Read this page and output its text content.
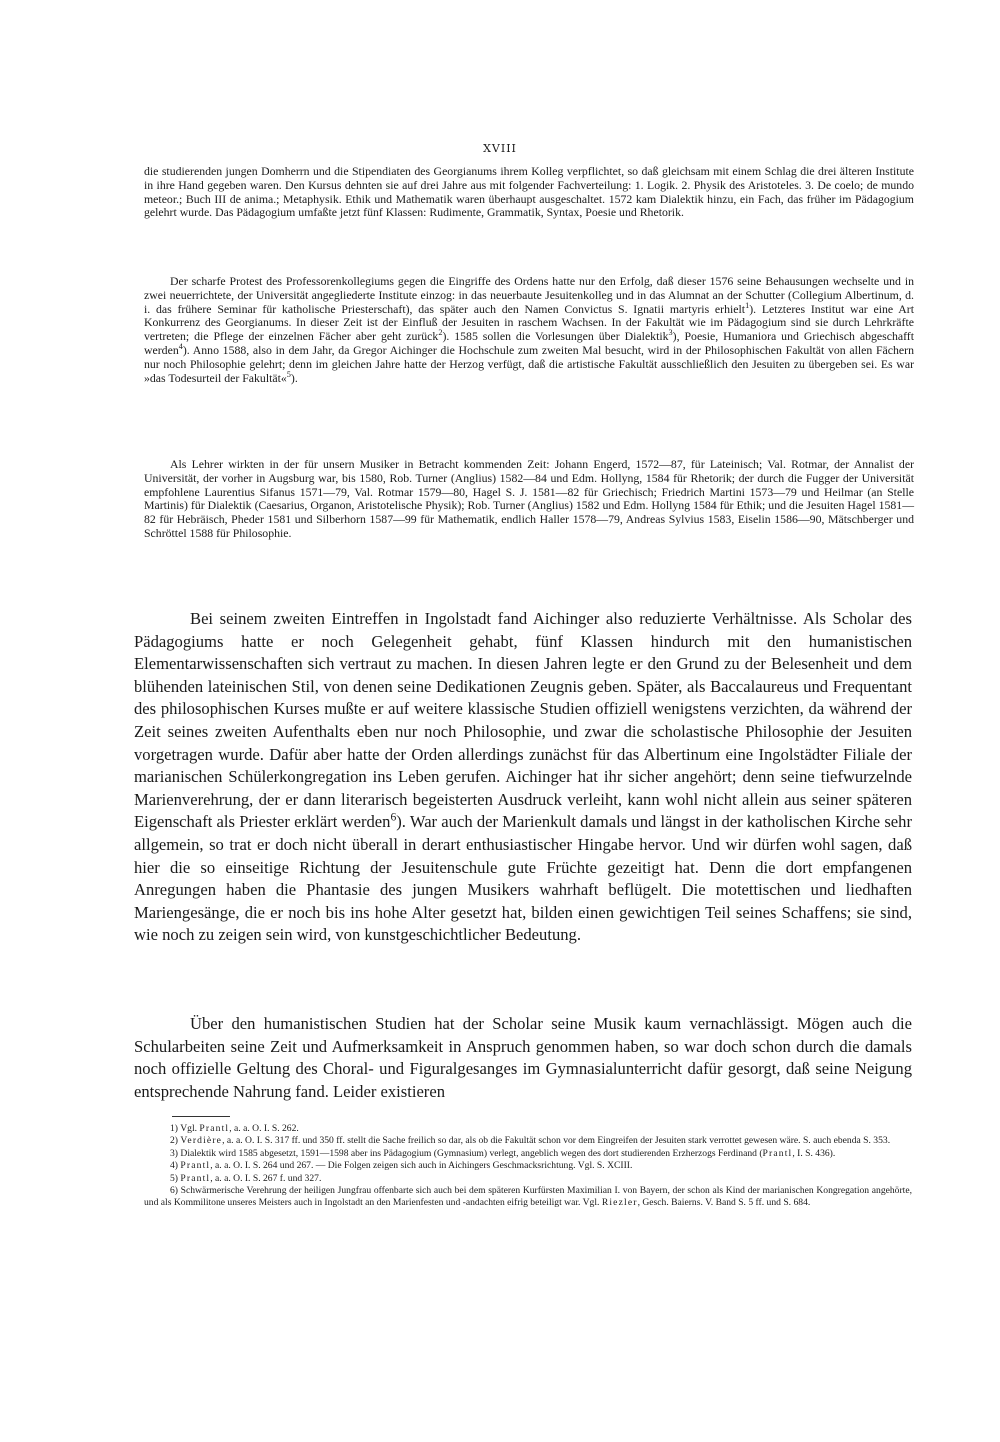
XVIII

die studierenden jungen Domherrn und die Stipendiaten des Georgianums ihrem Kolleg verpflichtet, so daß gleichsam mit einem Schlag die drei älteren Institute in ihre Hand gegeben waren. Den Kursus dehnten sie auf drei Jahre aus mit folgender Fachverteilung: 1. Logik. 2. Physik des Aristoteles. 3. De coelo; de mundo meteor.; Buch III de anima.; Metaphysik. Ethik und Mathematik waren überhaupt ausgeschaltet. 1572 kam Dialektik hinzu, ein Fach, das früher im Pädagogium gelehrt wurde. Das Pädagogium umfaßte jetzt fünf Klassen: Rudimente, Grammatik, Syntax, Poesie und Rhetorik.

Der scharfe Protest des Professorenkollegiums gegen die Eingriffe des Ordens hatte nur den Erfolg, daß dieser 1576 seine Behausungen wechselte und in zwei neuerrichtete, der Universität angegliederte Institute einzog: in das neuerbaute Jesuitenkolleg und in das Alumnat an der Schutter (Collegium Albertinum, d. i. das frühere Seminar für katholische Priesterschaft), das später auch den Namen Convictus S. Ignatii martyris erhielt$^1$). Letzteres Institut war eine Art Konkurrenz des Georgianums. In dieser Zeit ist der Einfluß der Jesuiten in raschem Wachsen. In der Fakultät wie im Pädagogium sind sie durch Lehrkräfte vertreten; die Pflege der einzelnen Fächer aber geht zurück$^2$). 1585 sollen die Vorlesungen über Dialektik$^3$), Poesie, Humaniora und Griechisch abgeschafft werden$^4$). Anno 1588, also in dem Jahr, da Gregor Aichinger die Hochschule zum zweiten Mal besucht, wird in der Philosophischen Fakultät von allen Fächern nur noch Philosophie gelehrt; denn im gleichen Jahre hatte der Herzog verfügt, daß die artistische Fakultät ausschließlich den Jesuiten zu übergeben sei. Es war »das Todesurteil der Fakultät«$^5$).

Als Lehrer wirkten in der für unsern Musiker in Betracht kommenden Zeit: Johann Engerd, 1572—87, für Lateinisch; Val. Rotmar, der Annalist der Universität, der vorher in Augsburg war, bis 1580, Rob. Turner (Anglius) 1582—84 und Edm. Hollyng, 1584 für Rhetorik; der durch die Fugger der Universität empfohlene Laurentius Sifanus 1571—79, Val. Rotmar 1579—80, Hagel S. J. 1581—82 für Griechisch; Friedrich Martini 1573—79 und Heilmar (an Stelle Martinis) für Dialektik (Caesarius, Organon, Aristotelische Physik); Rob. Turner (Anglius) 1582 und Edm. Hollyng 1584 für Ethik; und die Jesuiten Hagel 1581—82 für Hebräisch, Pheder 1581 und Silberhorn 1587—99 für Mathematik, endlich Haller 1578—79, Andreas Sylvius 1583, Eiselin 1586—90, Mätschberger und Schröttel 1588 für Philosophie.

Bei seinem zweiten Eintreffen in Ingolstadt fand Aichinger also reduzierte Verhältnisse. Als Scholar des Pädagogiums hatte er noch Gelegenheit gehabt, fünf Klassen hindurch mit den humanistischen Elementarwissenschaften sich vertraut zu machen. In diesen Jahren legte er den Grund zu der Belesenheit und dem blühenden lateinischen Stil, von denen seine Dedikationen Zeugnis geben. Später, als Baccalaureus und Frequentant des philosophischen Kurses mußte er auf weitere klassische Studien offiziell wenigstens verzichten, da während der Zeit seines zweiten Aufenthalts eben nur noch Philosophie, und zwar die scholastische Philosophie der Jesuiten vorgetragen wurde. Dafür aber hatte der Orden allerdings zunächst für das Albertinum eine Ingolstädter Filiale der marianischen Schülerkongregation ins Leben gerufen. Aichinger hat ihr sicher angehört; denn seine tiefwurzelnde Marienverehrung, der er dann literarisch begeisterten Ausdruck verleiht, kann wohl nicht allein aus seiner späteren Eigenschaft als Priester erklärt werden$^6$). War auch der Marienkult damals und längst in der katholischen Kirche sehr allgemein, so trat er doch nicht überall in derart enthusiastischer Hingabe hervor. Und wir dürfen wohl sagen, daß hier die so einseitige Richtung der Jesuitenschule gute Früchte gezeitigt hat. Denn die dort empfangenen Anregungen haben die Phantasie des jungen Musikers wahrhaft beflügelt. Die motettischen und liedhaften Mariengesänge, die er noch bis ins hohe Alter gesetzt hat, bilden einen gewichtigen Teil seines Schaffens; sie sind, wie noch zu zeigen sein wird, von kunstgeschichtlicher Bedeutung.

Über den humanistischen Studien hat der Scholar seine Musik kaum vernachlässigt. Mögen auch die Schularbeiten seine Zeit und Aufmerksamkeit in Anspruch genommen haben, so war doch schon durch die damals noch offizielle Geltung des Choral- und Figuralgesanges im Gymnasialunterricht dafür gesorgt, daß seine Neigung entsprechende Nahrung fand. Leider existieren

1) Vgl. Prantl, a. a. O. I. S. 262.

2) Verdière, a. a. O. I. S. 317 ff. und 350 ff. stellt die Sache freilich so dar, als ob die Fakultät schon vor dem Eingreifen der Jesuiten stark verrottet gewesen wäre. S. auch ebenda S. 353.

3) Dialektik wird 1585 abgesetzt, 1591—1598 aber ins Pädagogium (Gymnasium) verlegt, angeblich wegen des dort studierenden Erzherzogs Ferdinand (Prantl, I. S. 436).

4) Prantl, a. a. O. I. S. 264 und 267. — Die Folgen zeigen sich auch in Aichingers Geschmacksrichtung. Vgl. S. XCIII.

5) Prantl, a. a. O. I. S. 267 f. und 327.

6) Schwärmerische Verehrung der heiligen Jungfrau offenbarte sich auch bei dem späteren Kurfürsten Maximilian I. von Bayern, der schon als Kind der marianischen Kongregation angehörte, und als Kommilitone unseres Meisters auch in Ingolstadt an den Marienfesten und -andachten eifrig beteiligt war. Vgl. Riezler, Gesch. Baierns. V. Band S. 5 ff. und S. 684.
